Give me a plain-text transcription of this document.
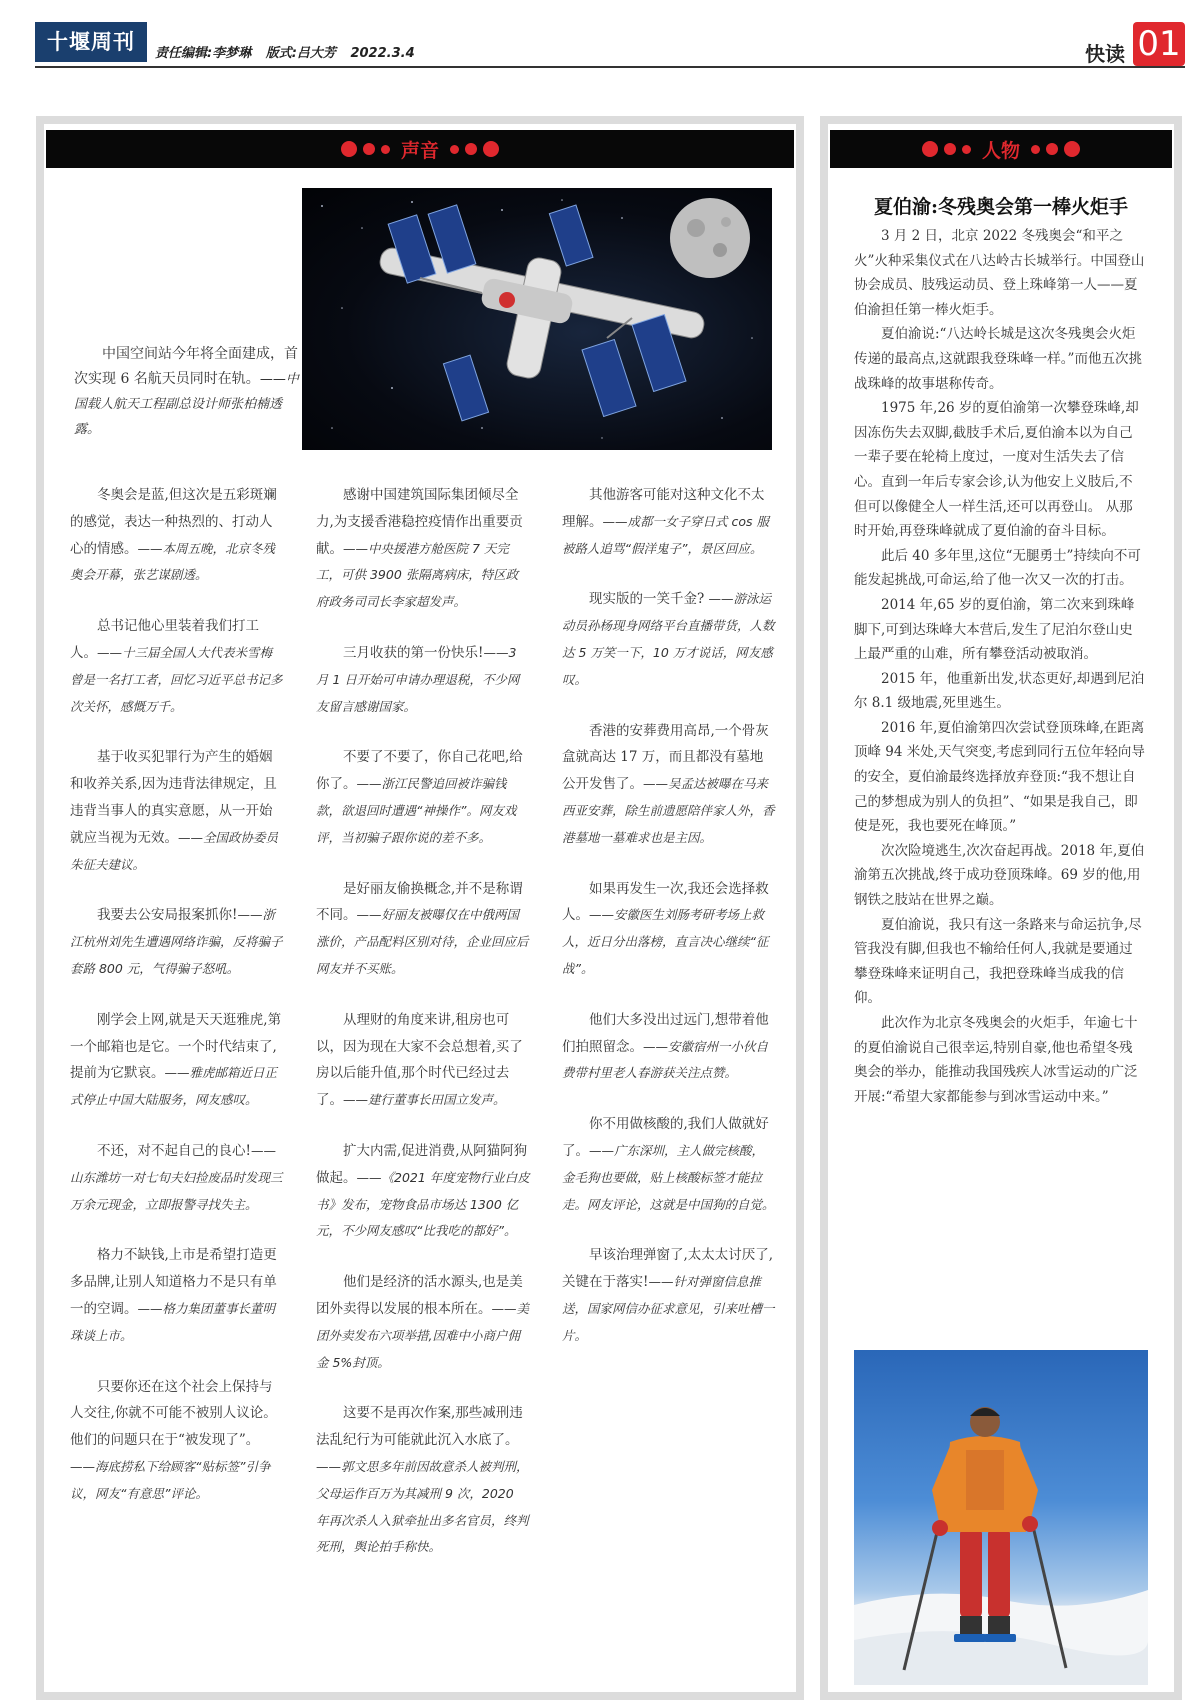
十堰周刊	责任编辑:李梦琳 版式:吕大芳 2022.3.4	快读 01
声音
中国空间站今年将全面建成，首次实现 6 名航天员同时在轨。——中国载人航天工程副总设计师张柏楠透露。

冬奥会是蓝,但这次是五彩斑斓的感觉，表达一种热烈的、打动人心的情感。——本周五晚，北京冬残奥会开幕，张艺谋剧透。

总书记他心里装着我们打工人。——十三届全国人大代表米雪梅曾是一名打工者，回忆习近平总书记多次关怀，感慨万千。

基于收买犯罪行为产生的婚姻和收养关系,因为违背法律规定，且违背当事人的真实意愿，从一开始就应当视为无效。——全国政协委员朱征夫建议。

我要去公安局报案抓你!——浙江杭州刘先生遭遇网络诈骗，反将骗子套路 800 元，气得骗子怒吼。

刚学会上网,就是天天逛雅虎,第一个邮箱也是它。一个时代结束了,提前为它默哀。——雅虎邮箱近日正式停止中国大陆服务，网友感叹。

不还，对不起自己的良心!——山东潍坊一对七旬夫妇捡废品时发现三万余元现金，立即报警寻找失主。

格力不缺钱,上市是希望打造更多品牌,让别人知道格力不是只有单一的空调。——格力集团董事长董明珠谈上市。

只要你还在这个社会上保持与人交往,你就不可能不被别人议论。他们的问题只在于“被发现了”。——海底捞私下给顾客“贴标签”引争议，网友“有意思”评论。

感谢中国建筑国际集团倾尽全力,为支援香港稳控疫情作出重要贡献。——中央援港方舱医院 7 天完工，可供 3900 张隔离病床，特区政府政务司司长李家超发声。

三月收获的第一份快乐!——3 月 1 日开始可申请办理退税，不少网友留言感谢国家。

不要了不要了，你自己花吧,给你了。——浙江民警追回被诈骗钱款，欲退回时遭遇“神操作”。网友戏评，当初骗子跟你说的差不多。

是好丽友偷换概念,并不是称谓不同。——好丽友被曝仅在中俄两国涨价，产品配料区别对待，企业回应后网友并不买账。

从理财的角度来讲,租房也可以，因为现在大家不会总想着,买了房以后能升值,那个时代已经过去了。——建行董事长田国立发声。

扩大内需,促进消费,从阿猫阿狗做起。——《2021 年度宠物行业白皮书》发布，宠物食品市场达 1300 亿元，不少网友感叹“比我吃的都好”。

他们是经济的活水源头,也是美团外卖得以发展的根本所在。——美团外卖发布六项举措,因难中小商户佣金 5%封顶。

这要不是再次作案,那些减刑违法乱纪行为可能就此沉入水底了。——郭文思多年前因故意杀人被判刑，父母运作百万为其减刑 9 次，2020 年再次杀人入狱牵扯出多名官员，终判死刑，舆论拍手称快。

其他游客可能对这种文化不太理解。——成都一女子穿日式 cos 服被路人追骂“假洋鬼子”，景区回应。

现实版的一笑千金? ——游泳运动员孙杨现身网络平台直播带货，人数达 5 万笑一下，10 万才说话，网友感叹。

香港的安葬费用高昂,一个骨灰盒就高达 17 万，而且都没有墓地公开发售了。——吴孟达被曝在马来西亚安葬，除生前遗愿陪伴家人外，香港墓地一墓难求也是主因。

如果再发生一次,我还会选择救人。——安徽医生刘肠考研考场上救人，近日分出落榜，直言决心继续“征战”。

他们大多没出过远门,想带着他们拍照留念。——安徽宿州一小伙自费带村里老人春游获关注点赞。

你不用做核酸的,我们人做就好了。——广东深圳，主人做完核酸，金毛狗也要做，贴上核酸标签才能拉走。网友评论，这就是中国狗的自觉。

早该治理弹窗了,太太太讨厌了,关键在于落实!——针对弹窗信息推送，国家网信办征求意见，引来吐槽一片。

人物
夏伯渝:冬残奥会第一棒火炬手

3 月 2 日，北京 2022 冬残奥会“和平之火”火种采集仪式在八达岭古长城举行。中国登山协会成员、肢残运动员、登上珠峰第一人——夏伯渝担任第一棒火炬手。

夏伯渝说:“八达岭长城是这次冬残奥会火炬传递的最高点,这就跟我登珠峰一样。”而他五次挑战珠峰的故事堪称传奇。

1975 年,26 岁的夏伯渝第一次攀登珠峰,却因冻伤失去双脚,截肢手术后,夏伯渝本以为自己一辈子要在轮椅上度过，一度对生活失去了信心。直到一年后专家会诊,认为他安上义肢后,不但可以像健全人一样生活,还可以再登山。 从那时开始,再登珠峰就成了夏伯渝的奋斗目标。

此后 40 多年里,这位“无腿勇士”持续向不可能发起挑战,可命运,给了他一次又一次的打击。

2014 年,65 岁的夏伯渝，第二次来到珠峰脚下,可到达珠峰大本营后,发生了尼泊尔登山史上最严重的山难，所有攀登活动被取消。

2015 年，他重新出发,状态更好,却遇到尼泊尔 8.1 级地震,死里逃生。

2016 年,夏伯渝第四次尝试登顶珠峰,在距离顶峰 94 米处,天气突变,考虑到同行五位年轻向导的安全，夏伯渝最终选择放弃登顶:“我不想让自己的梦想成为别人的负担”、“如果是我自己，即使是死，我也要死在峰顶。”

次次险境逃生,次次奋起再战。2018 年,夏伯渝第五次挑战,终于成功登顶珠峰。69 岁的他,用钢铁之肢站在世界之巅。

夏伯渝说，我只有这一条路来与命运抗争,尽管我没有脚,但我也不输给任何人,我就是要通过攀登珠峰来证明自己，我把登珠峰当成我的信仰。

此次作为北京冬残奥会的火炬手，年逾七十的夏伯渝说自己很幸运,特别自豪,他也希望冬残奥会的举办，能推动我国残疾人冰雪运动的广泛开展:“希望大家都能参与到冰雪运动中来。”
